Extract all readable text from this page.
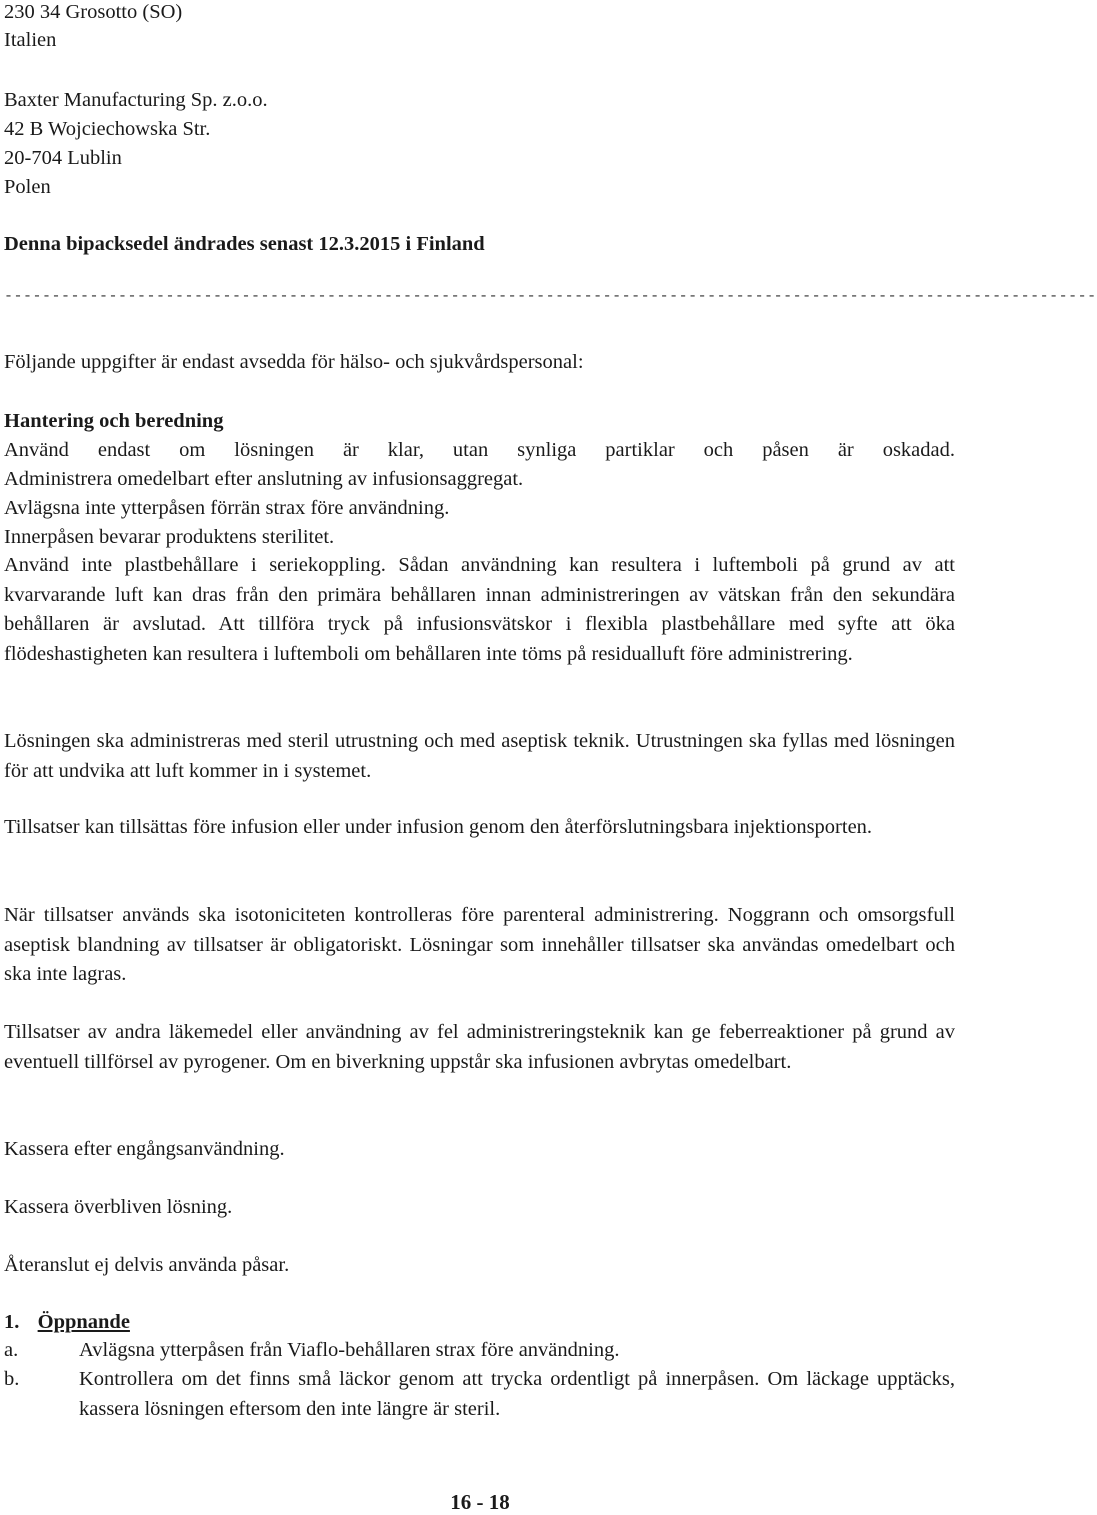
230 34 Grosotto (SO)
Italien
Baxter Manufacturing Sp. z.o.o.
42 B Wojciechowska Str.
20-704 Lublin
Polen
Denna bipacksedel ändrades senast 12.3.2015 i Finland
-------------------------------------------------------------------------------------------------------------------
Följande uppgifter är endast avsedda för hälso- och sjukvårdspersonal:
Hantering och beredning
Använd endast om lösningen är klar, utan synliga partiklar och påsen är oskadad.
Administrera omedelbart efter anslutning av infusionsaggregat.
Avlägsna inte ytterpåsen förrän strax före användning.
Innerpåsen bevarar produktens sterilitet.
Använd inte plastbehållare i seriekoppling. Sådan användning kan resultera i luftemboli på grund av att kvarvarande luft kan dras från den primära behållaren innan administreringen av vätskan från den sekundära behållaren är avslutad. Att tillföra tryck på infusionsvätskor i flexibla plastbehållare med syfte att öka flödeshastigheten kan resultera i luftemboli om behållaren inte töms på residualluft före administrering.
Lösningen ska administreras med steril utrustning och med aseptisk teknik. Utrustningen ska fyllas med lösningen för att undvika att luft kommer in i systemet.
Tillsatser kan tillsättas före infusion eller under infusion genom den återförslutningsbara injektionsporten.
När tillsatser används ska isotoniciteten kontrolleras före parenteral administrering. Noggrann och omsorgsfull aseptisk blandning av tillsatser är obligatoriskt. Lösningar som innehåller tillsatser ska användas omedelbart och ska inte lagras.
Tillsatser av andra läkemedel eller användning av fel administreringsteknik kan ge feberreaktioner på grund av eventuell tillförsel av pyrogener. Om en biverkning uppstår ska infusionen avbrytas omedelbart.
Kassera efter engångsanvändning.
Kassera överbliven lösning.
Återanslut ej delvis använda påsar.
1. Öppnande
a.	Avlägsna ytterpåsen från Viaflo-behållaren strax före användning.
b.	Kontrollera om det finns små läckor genom att trycka ordentligt på innerpåsen. Om läckage upptäcks, kassera lösningen eftersom den inte längre är steril.
16 - 18
